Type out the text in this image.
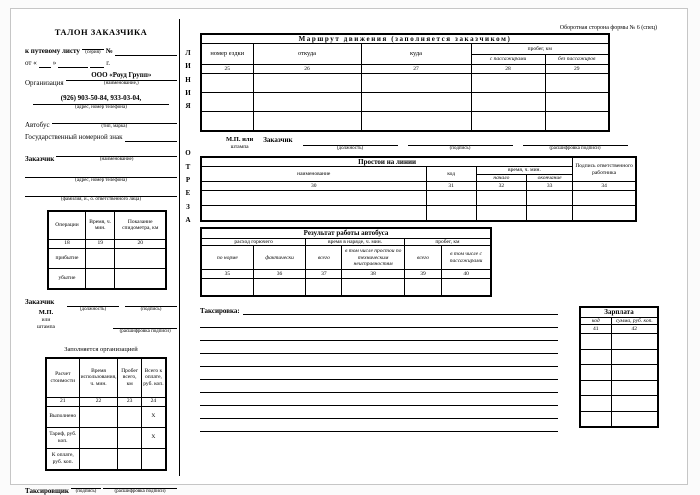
ТАЛОН ЗАКАЗЧИКА
к путевому листу	(серия) №
от « »	г.
Организация
ООО «Роуд Групп»
(наименование,)
(926) 903-50-84, 933-03-04,
(адрес, номер телефона)
Автобус	(тип, марка)
Государственный номерной знак
Заказчик	(наименование)
(адрес, номер телефона)

(фамилия, и., о. ответственного лица)
Операции	Время, ч. мин.	Показание спидометра, км
18	19	20
прибытие		
убытие		
Заказчик
М.П.
или
штампа
(должность)	(подпись)
(расшифровка подписи)
Заполняется организацией
Расчет стоимости	Время использования, ч. мин.	Пробег всего, км	Всего к оплате, руб. коп.
21	22	23	24
Выполнено			X
Тариф, руб. коп.			X
К оплате, руб. коп.			
Таксировщик	(подпись)	(расшифровка подписи)
Л
И
Н
И
Я
О
Т
Р
Е
З
А
Оборотная сторона формы № 6 (спец)
Маршрут движения (заполняется заказчиком)				
номер ездки	откуда	куда	пробег, км	
			с пассажирами	без пассажиров
25	26	27	28	29

М.П. или
штампа
Заказчик
(должность)	(подпись)	(расшифровка подписи)
Простои на линии				Подпись ответственного работника
наименование	код	время, ч. мин.		
		начало	окончание	
30	31	32	33	34

Результат работы автобуса					
расход горючего		время в наряде, ч. мин.		пробег, км	
по норме	фактически	всего	в том числе простои по техническим неисправностям	всего	в том числе с пассажирами
35	36	37	38	39	40

Таксировка:	Зарплата	
код	сумма, руб. коп.
41	42
